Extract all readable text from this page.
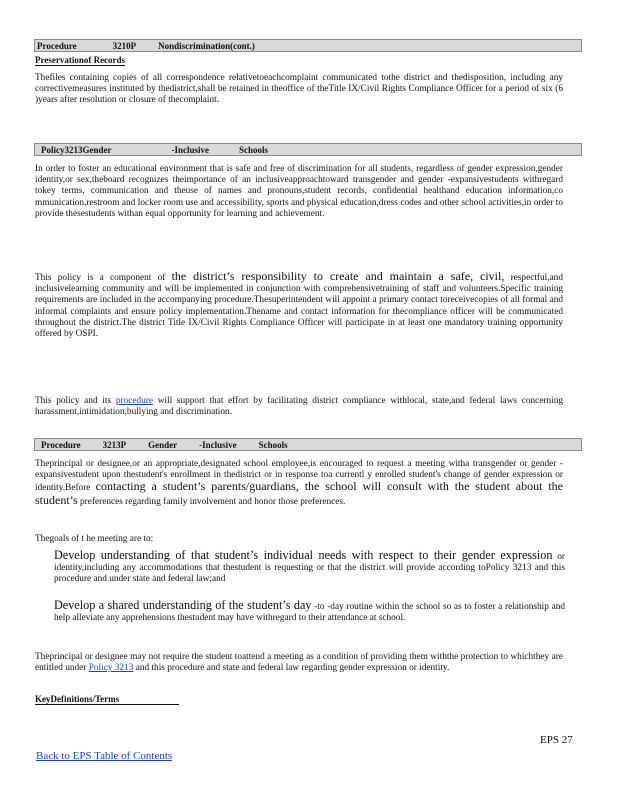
Procedure	3210P Nondiscrimination(cont.)
Preservationof Records

Thefiles containing copies of all correspondence relativetoeachcomplaint communicated tothe district and thedisposition, including any correctivemeasures instituted by thedistrict,shall be retained in theoffice of theTitle IX/Civil Rights Compliance Officer for a period of six (6 )years after resolution or closure of thecomplaint.

Policy3213Gender	-Inclusive	Schools

In order to foster an educational environment that is safe and free of discrimination for all students, regardless of gender expression,gender identity,or sex,theboard recognizes theimportance of an inclusiveapproachtoward transgender and gender -expansivestudents withregard tokey terms, communication and theuse of names and pronouns,student records, confidential healthand education information,co mmunication,restroom and locker room use and accessibility, sports and physical education,dress codes and other school activities,in order to provide thesestudents withan equal opportunity for learning and achievement.

This policy is a component of the district’s responsibility to create and maintain a safe, civil, respectful,and inclusivelearning community and will be implemented in conjunction with comprehensivetraining of staff and volunteers.Specific training requirements are included in the accompanying procedure.Thesuperintendent will appoint a primary contact toreceivecopies of all formal and informal complaints and ensure policy implementation.Thename and contact information for thecompliance officer will be communicated throughout the district.The district Title IX/Civil Rights Compliance Officer will participate in at least one mandatory training opportunity offered by OSPI.

This policy and its procedure will support that effort by facilitating district compliance withlocal, state,and federal laws concerning harassment,intimidation,bullying and discrimination.

Procedure 3213P Gender -Inclusive Schools

Theprincipal or designee,or an appropriate,designated school employee,is encouraged to request a meeting witha transgender or gender -expansivestudent upon thestudent's enrollment in thedistrict or in response toa currentl y enrolled student's change of gender expression or identity.Before contacting a student’s parents/guardians, the school will consult with the student about the student’s preferences regarding family involvement and honor those preferences.

Thegoals of t he meeting are to:

Develop understanding of that student’s individual needs with respect to their gender expression or identity,including any accommodations that thestudent is requesting or that the district will provide according toPolicy 3213 and this procedure and under state and federal law;and
Develop a shared understanding of the student’s day -to -day routine within the school so as to foster a relationship and help alleviate any apprehensions thestudent may have withregard to their attendance at school.

Theprincipal or designee may not require the student toattend a meeting as a condition of providing them withthe protection to whichthey are entitled under Policy 3213 and this procedure and state and federal law regarding gender expression or identity.

KeyDefinitions/Terms
EPS 27
Back to EPS Table of Contents
